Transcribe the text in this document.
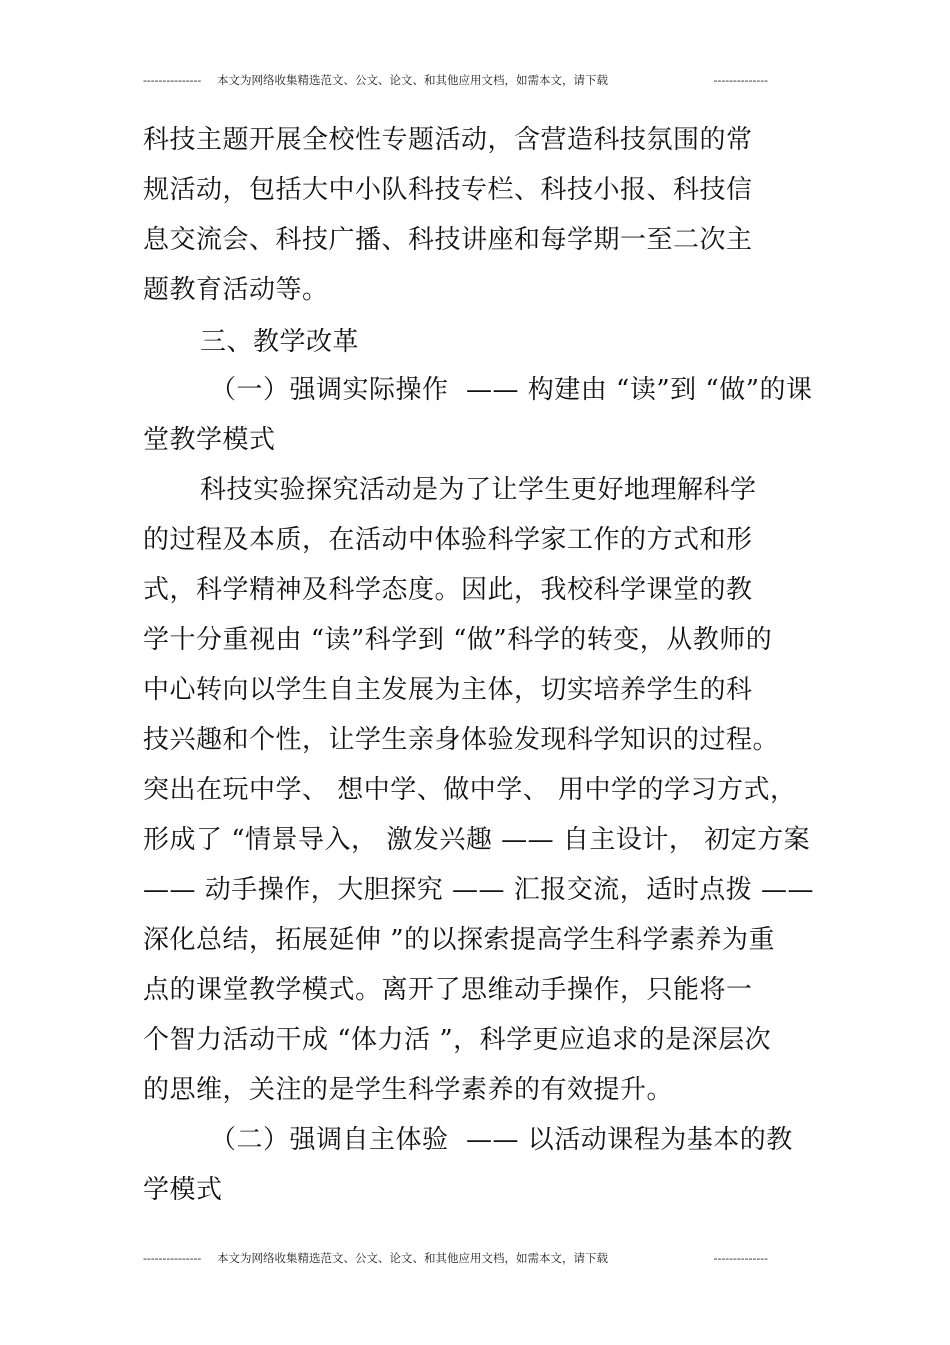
--------------- 本文为网络收集精选范文、公文、论文、和其他应用文档，如需本文，请下载	--------------
科技主题开展全校性专题活动，含营造科技氛围的常
规活动，包括大中小队科技专栏、科技小报、科技信
息交流会、科技广播、科技讲座和每学期一至二次主
题教育活动等。
三、教学改革
（一）强调实际操作  —— 构建由 “读”到 “做”的课
堂教学模式
科技实验探究活动是为了让学生更好地理解科学
的过程及本质，在活动中体验科学家工作的方式和形
式，科学精神及科学态度。因此，我校科学课堂的教
学十分重视由 “读”科学到 “做”科学的转变，从教师的
中心转向以学生自主发展为主体，切实培养学生的科
技兴趣和个性，让学生亲身体验发现科学知识的过程。
突出在玩中学、 想中学、做中学、 用中学的学习方式，
形成了 “情景导入， 激发兴趣 —— 自主设计， 初定方案
—— 动手操作，大胆探究 —— 汇报交流，适时点拨 ——
深化总结，拓展延伸 ”的以探索提高学生科学素养为重
点的课堂教学模式。离开了思维动手操作，只能将一
个智力活动干成 “体力活 ”，科学更应追求的是深层次
的思维，关注的是学生科学素养的有效提升。
（二）强调自主体验  —— 以活动课程为基本的教
学模式
--------------- 本文为网络收集精选范文、公文、论文、和其他应用文档，如需本文，请下载	--------------
